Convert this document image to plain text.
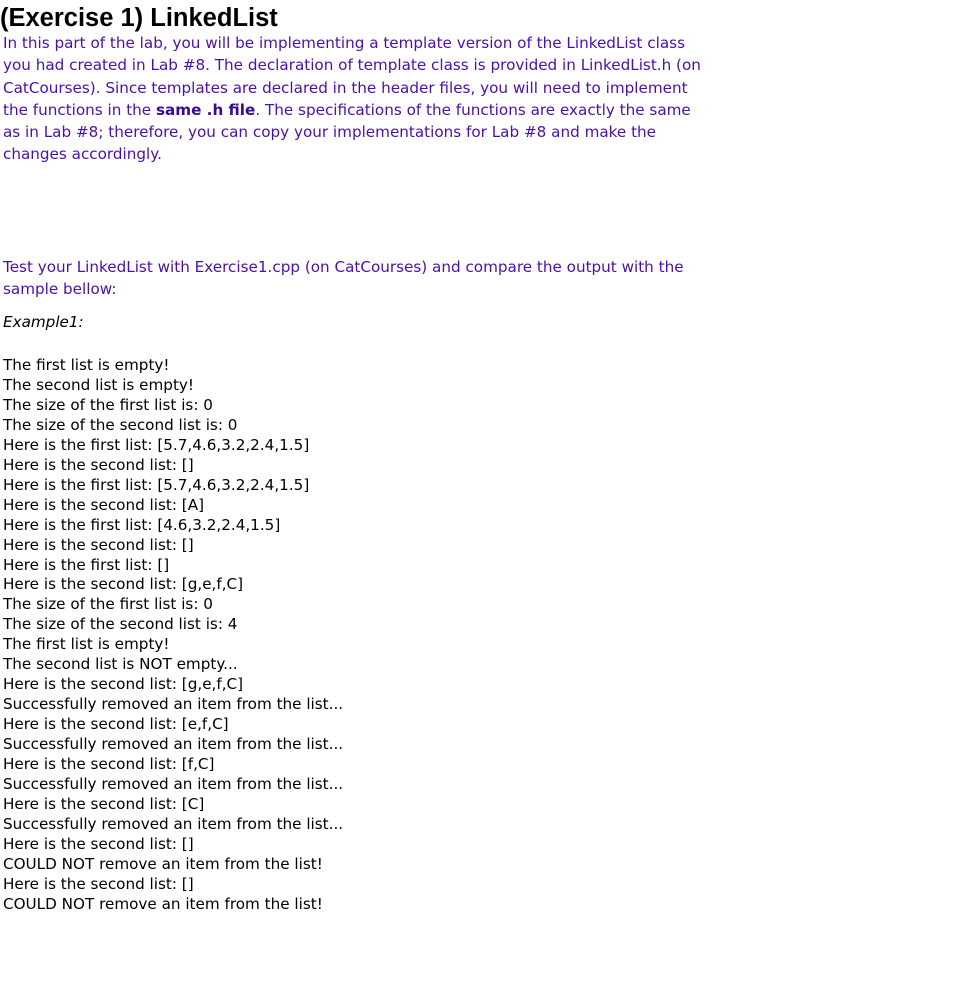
(Exercise 1) LinkedList
In this part of the lab, you will be implementing a template version of the LinkedList class
you had created in Lab #8. The declaration of template class is provided in LinkedList.h (on
CatCourses). Since templates are declared in the header files, you will need to implement
the functions in the same .h file. The specifications of the functions are exactly the same
as in Lab #8; therefore, you can copy your implementations for Lab #8 and make the
changes accordingly.
Test your LinkedList with Exercise1.cpp (on CatCourses) and compare the output with the
sample bellow:
Example1:
The first list is empty!
The second list is empty!
The size of the first list is: 0
The size of the second list is: 0
Here is the first list: [5.7,4.6,3.2,2.4,1.5]
Here is the second list: []
Here is the first list: [5.7,4.6,3.2,2.4,1.5]
Here is the second list: [A]
Here is the first list: [4.6,3.2,2.4,1.5]
Here is the second list: []
Here is the first list: []
Here is the second list: [g,e,f,C]
The size of the first list is: 0
The size of the second list is: 4
The first list is empty!
The second list is NOT empty...
Here is the second list: [g,e,f,C]
Successfully removed an item from the list...
Here is the second list: [e,f,C]
Successfully removed an item from the list...
Here is the second list: [f,C]
Successfully removed an item from the list...
Here is the second list: [C]
Successfully removed an item from the list...
Here is the second list: []
COULD NOT remove an item from the list!
Here is the second list: []
COULD NOT remove an item from the list!
